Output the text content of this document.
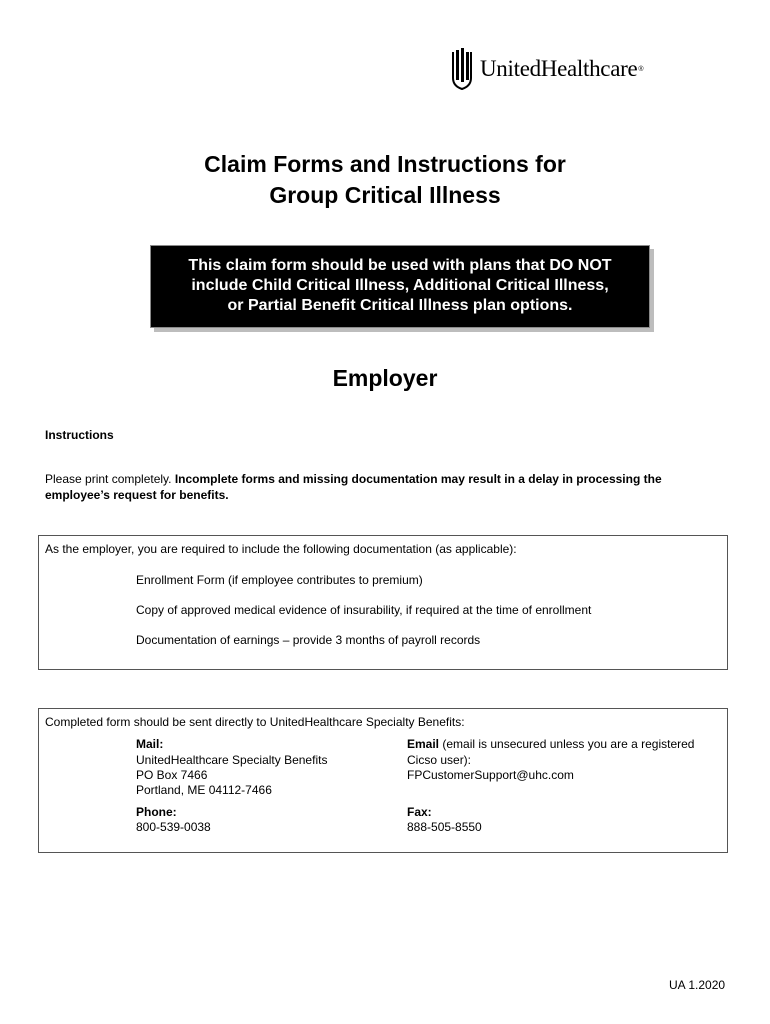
UnitedHealthcare ®
Claim Forms and Instructions for
Group Critical Illness
This claim form should be used with plans that DO NOT
include Child Critical Illness, Additional Critical Illness,
or Partial Benefit Critical Illness plan options.
Employer
Instructions
Please print completely. Incomplete forms and missing documentation may result in a delay in processing the
employee’s request for benefits.
As the employer, you are required to include the following documentation (as applicable):
Enrollment Form (if employee contributes to premium)
Copy of approved medical evidence of insurability, if required at the time of enrollment
Documentation of earnings – provide 3 months of payroll records
Completed form should be sent directly to UnitedHealthcare Specialty Benefits:
Mail:
UnitedHealthcare Specialty Benefits
PO Box 7466
Portland, ME 04112-7466
Email (email is unsecured unless you are a registered
Cicso user):
FPCustomerSupport@uhc.com
Phone:
800-539-0038
Fax:
888-505-8550
UA 1.2020
